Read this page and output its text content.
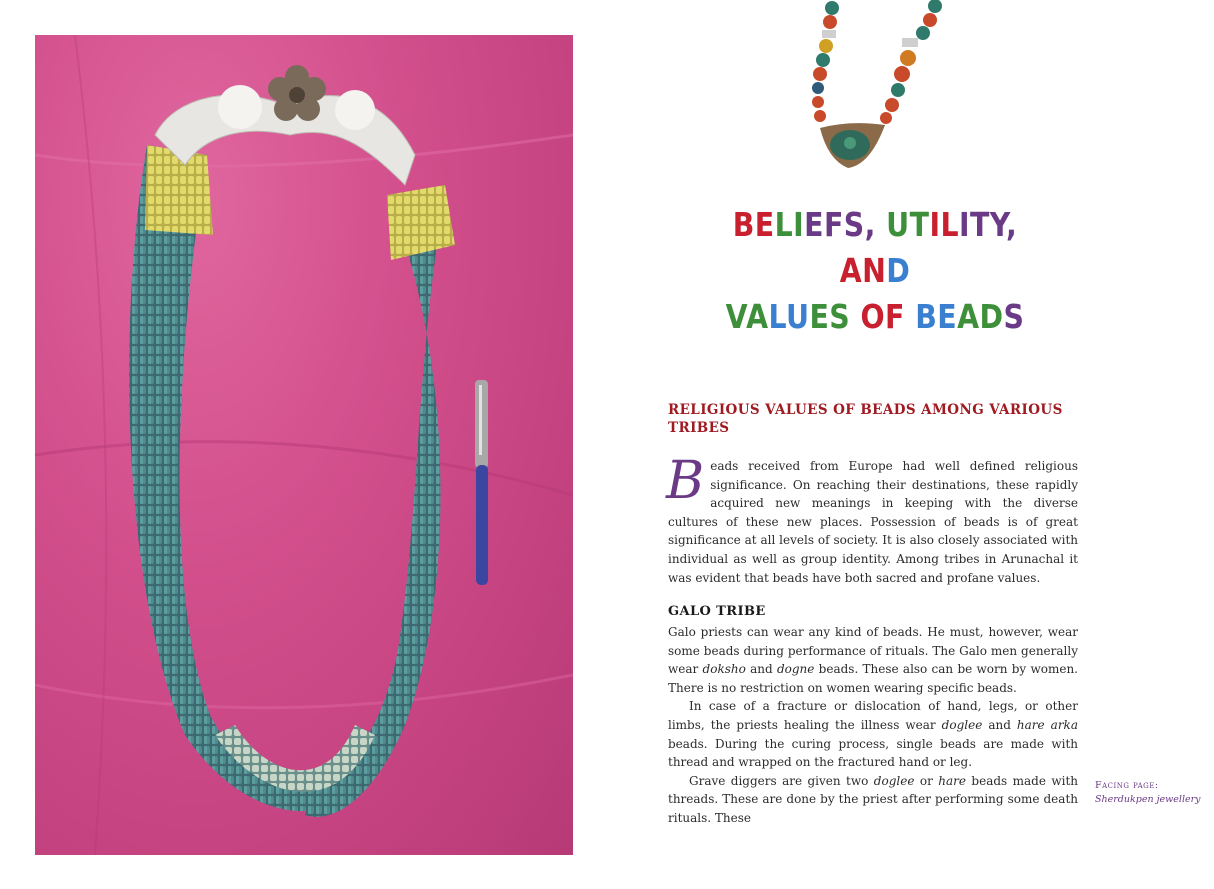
BELIEFS, UTILITY, AND
VALUES OF BEADS
RELIGIOUS VALUES OF BEADS AMONG VARIOUS TRIBES
Beads received from Europe had well defined religious significance. On reaching their destinations, these rapidly acquired new meanings in keeping with the diverse cultures of these new places. Possession of beads is of great significance at all levels of society. It is also closely associated with individual as well as group identity. Among tribes in Arunachal it was evident that beads have both sacred and profane values.
GALO TRIBE

Galo priests can wear any kind of beads. He must, however, wear some beads during performance of rituals. The Galo men generally wear doksho and dogne beads. These also can be worn by women. There is no restriction on women wearing specific beads.

In case of a fracture or dislocation of hand, legs, or other limbs, the priests healing the illness wear doglee and hare arka beads. During the curing process, single beads are made with thread and wrapped on the fractured hand or leg.

Grave diggers are given two doglee or hare beads made with threads. These are done by the priest after performing some death rituals. These

Facing page:
Sherdukpen jewellery
